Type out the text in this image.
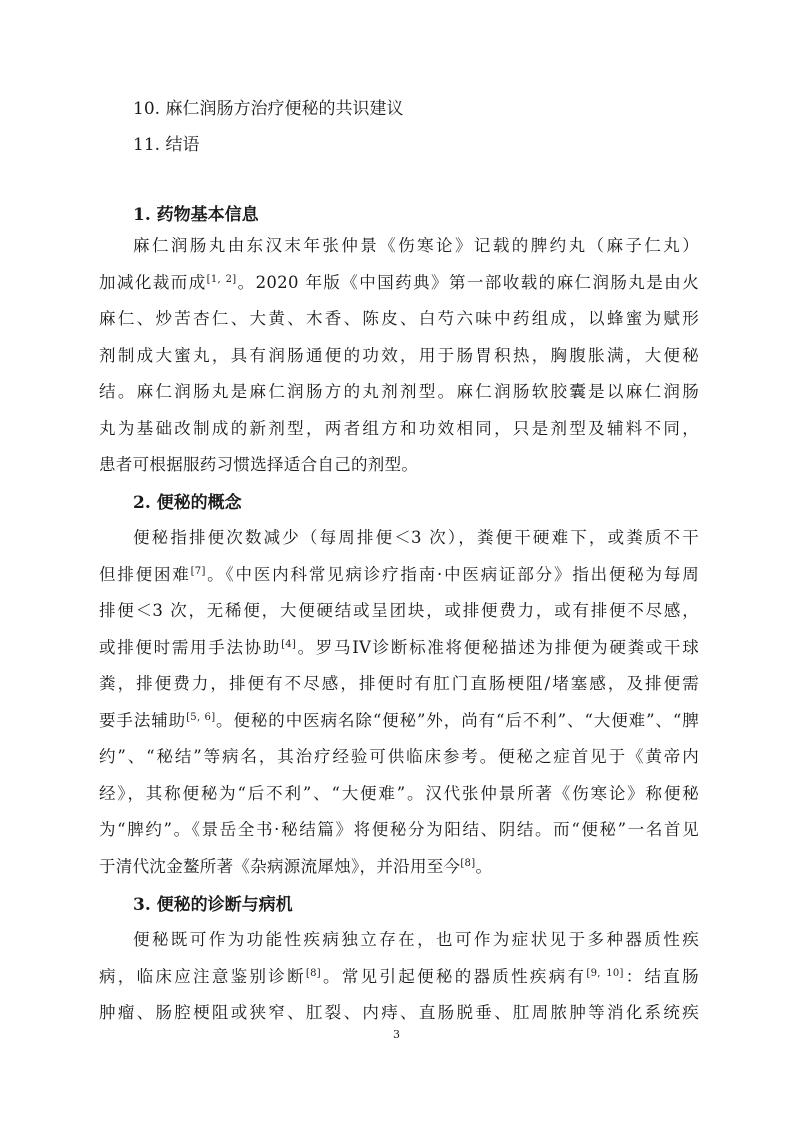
10. 麻仁润肠方治疗便秘的共识建议
11. 结语
1. 药物基本信息
麻仁润肠丸由东汉末年张仲景《伤寒论》记载的脾约丸（麻子仁丸）
加减化裁而成[1, 2]。2020 年版《中国药典》第一部收载的麻仁润肠丸是由火
麻仁、炒苦杏仁、大黄、木香、陈皮、白芍六味中药组成，以蜂蜜为赋形
剂制成大蜜丸，具有润肠通便的功效，用于肠胃积热，胸腹胀满，大便秘
结。麻仁润肠丸是麻仁润肠方的丸剂剂型。麻仁润肠软胶囊是以麻仁润肠
丸为基础改制成的新剂型，两者组方和功效相同，只是剂型及辅料不同，
患者可根据服药习惯选择适合自己的剂型。
2. 便秘的概念
便秘指排便次数减少（每周排便＜3 次），粪便干硬难下，或粪质不干
但排便困难[7]。《中医内科常见病诊疗指南·中医病证部分》指出便秘为每周
排便＜3 次，无稀便，大便硬结或呈团块，或排便费力，或有排便不尽感，
或排便时需用手法协助[4]。罗马IV诊断标准将便秘描述为排便为硬粪或干球
粪，排便费力，排便有不尽感，排便时有肛门直肠梗阻/堵塞感，及排便需
要手法辅助[5, 6]。便秘的中医病名除“便秘”外，尚有“后不利”、“大便难”、“脾
约”、“秘结”等病名，其治疗经验可供临床参考。便秘之症首见于《黄帝内
经》，其称便秘为“后不利”、“大便难”。汉代张仲景所著《伤寒论》称便秘
为“脾约”。《景岳全书·秘结篇》将便秘分为阳结、阴结。而“便秘”一名首见
于清代沈金鳌所著《杂病源流犀烛》，并沿用至今[8]。
3. 便秘的诊断与病机
便秘既可作为功能性疾病独立存在，也可作为症状见于多种器质性疾
病，临床应注意鉴别诊断[8]。常见引起便秘的器质性疾病有[9, 10]：结直肠
肿瘤、肠腔梗阻或狭窄、肛裂、内痔、直肠脱垂、肛周脓肿等消化系统疾
3
